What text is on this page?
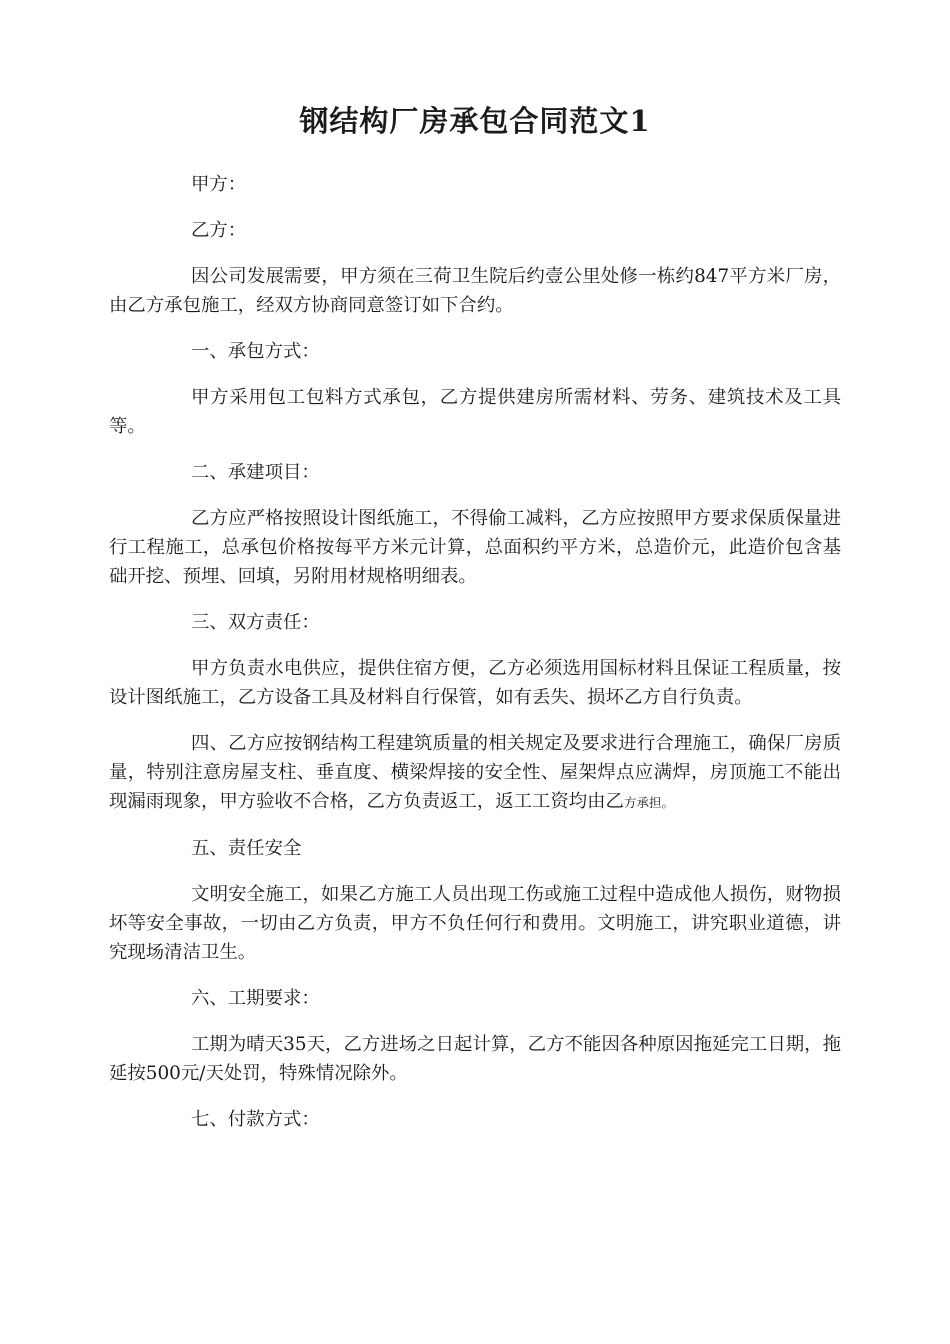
钢结构厂房承包合同范文1

甲方：

乙方：

因公司发展需要，甲方须在三荷卫生院后约壹公里处修一栋约847平方米厂房，由乙方承包施工，经双方协商同意签订如下合约。

一、承包方式：

甲方采用包工包料方式承包，乙方提供建房所需材料、劳务、建筑技术及工具等。

二、承建项目：

乙方应严格按照设计图纸施工，不得偷工减料，乙方应按照甲方要求保质保量进行工程施工，总承包价格按每平方米元计算，总面积约平方米，总造价元，此造价包含基础开挖、预埋、回填，另附用材规格明细表。

三、双方责任：

甲方负责水电供应，提供住宿方便，乙方必须选用国标材料且保证工程质量，按设计图纸施工，乙方设备工具及材料自行保管，如有丢失、损坏乙方自行负责。

四、乙方应按钢结构工程建筑质量的相关规定及要求进行合理施工，确保厂房质量，特别注意房屋支柱、垂直度、横梁焊接的安全性、屋架焊点应满焊，房顶施工不能出现漏雨现象，甲方验收不合格，乙方负责返工，返工工资均由乙方承担。

五、责任安全

文明安全施工，如果乙方施工人员出现工伤或施工过程中造成他人损伤，财物损坏等安全事故，一切由乙方负责，甲方不负任何行和费用。文明施工，讲究职业道德，讲究现场清洁卫生。

六、工期要求：

工期为晴天35天，乙方进场之日起计算，乙方不能因各种原因拖延完工日期，拖延按500元/天处罚，特殊情况除外。

七、付款方式：
